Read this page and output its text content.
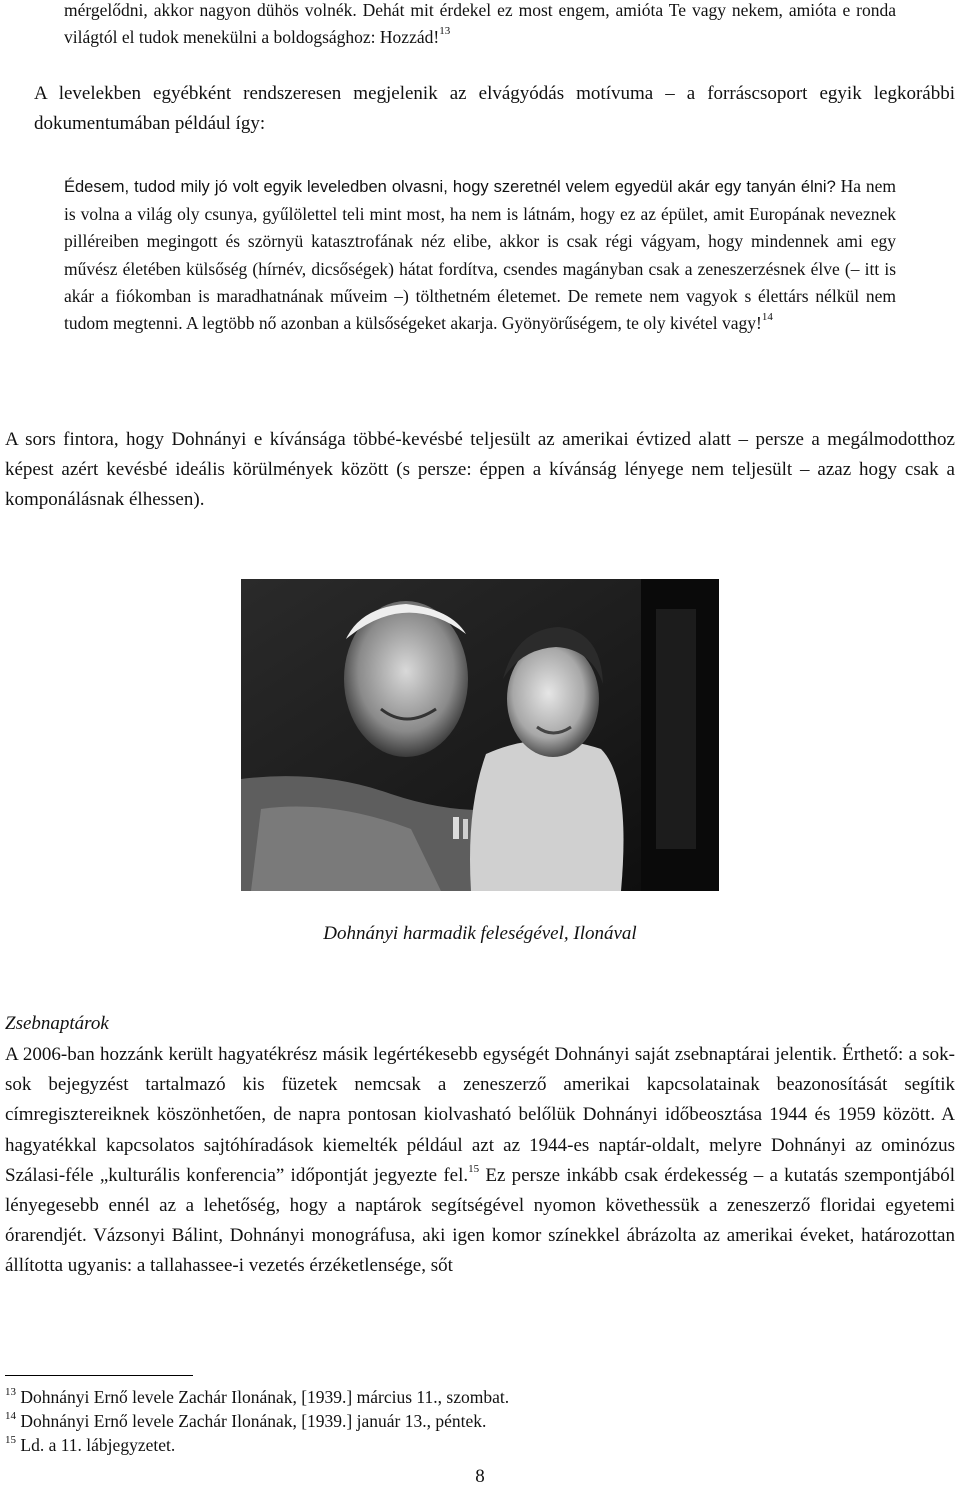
mérgelődni, akkor nagyon dühös volnék. Dehát mit érdekel ez most engem, amióta Te vagy nekem, amióta e ronda világtól el tudok menekülni a boldogsághoz: Hozzád!$^{13}$

A levelekben egyébként rendszeresen megjelenik az elvágyódás motívuma – a forráscsoport egyik legkorábbi dokumentumában például így:

Édesem, tudod mily jó volt egyik leveledben olvasni, hogy szeretnél velem egyedül akár egy tanyán élni? Ha nem is volna a világ oly csunya, gyűlölettel teli mint most, ha nem is látnám, hogy ez az épület, amit Europának neveznek pilléreiben megingott és szörnyü katasztrofának néz elibe, akkor is csak régi vágyam, hogy mindennek ami egy művész életében külsőség (hírnév, dicsőségek) hátat fordítva, csendes magányban csak a zeneszerzésnek élve (– itt is akár a fiókomban is maradhatnának műveim –) tölthetném életemet. De remete nem vagyok s élettárs nélkül nem tudom megtenni. A legtöbb nő azonban a külsőségeket akarja. Gyönyörűségem, te oly kivétel vagy!$^{14}$

A sors fintora, hogy Dohnányi e kívánsága többé-kevésbé teljesült az amerikai évtized alatt – persze a megálmodotthoz képest azért kevésbé ideális körülmények között (s persze: éppen a kívánság lényege nem teljesült – azaz hogy csak a komponálásnak élhessen).

Dohnányi harmadik feleségével, Ilonával

Zsebnaptárok

A 2006-ban hozzánk került hagyatékrész másik legértékesebb egységét Dohnányi saját zsebnaptárai jelentik. Érthető: a sok-sok bejegyzést tartalmazó kis füzetek nemcsak a zeneszerző amerikai kapcsolatainak beazonosítását segítik címregisztereiknek köszönhetően, de napra pontosan kiolvasható belőlük Dohnányi időbeosztása 1944 és 1959 között. A hagyatékkal kapcsolatos sajtóhíradások kiemelték például azt az 1944-es naptár-oldalt, melyre Dohnányi az ominózus Szálasi-féle „kulturális konferencia” időpontját jegyezte fel.$^{15}$ Ez persze inkább csak érdekesség – a kutatás szempontjából lényegesebb ennél az a lehetőség, hogy a naptárok segítségével nyomon követhessük a zeneszerző floridai egyetemi órarendjét. Vázsonyi Bálint, Dohnányi monográfusa, aki igen komor színekkel ábrázolta az amerikai éveket, határozottan állította ugyanis: a tallahassee-i vezetés érzéketlensége, sőt

$^{13}$ Dohnányi Ernő levele Zachár Ilonának, [1939.] március 11., szombat.

$^{14}$ Dohnányi Ernő levele Zachár Ilonának, [1939.] január 13., péntek.

$^{15}$ Ld. a 11. lábjegyzetet.

8
